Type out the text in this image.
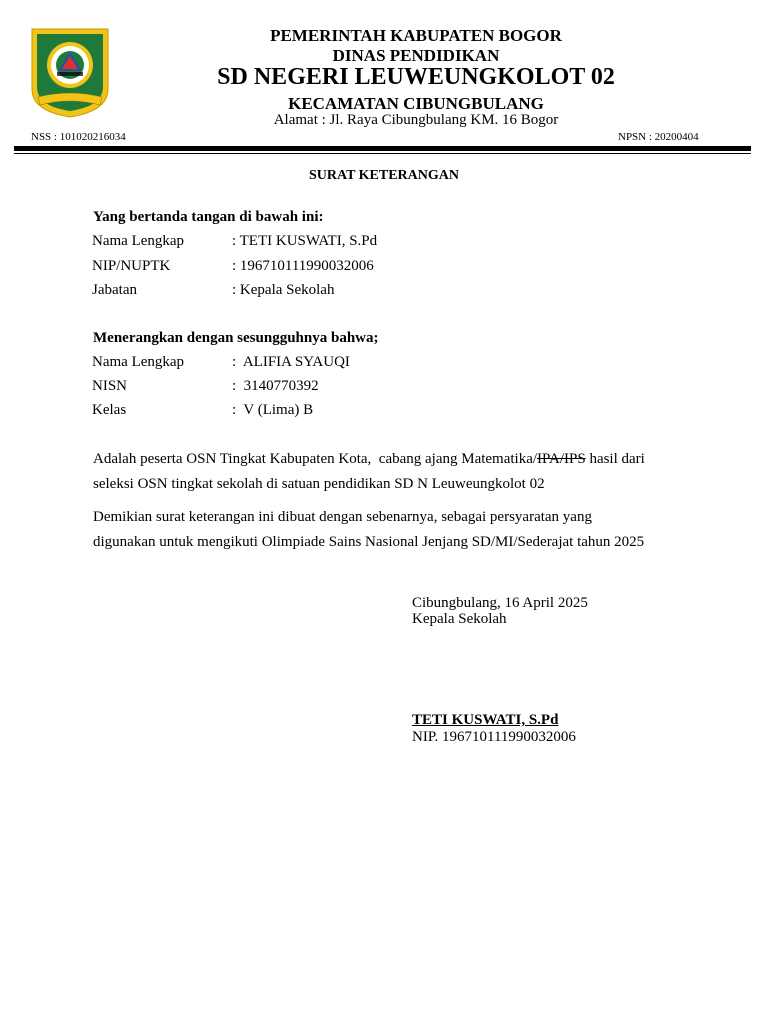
PEMERINTAH KABUPATEN BOGOR
DINAS PENDIDIKAN
SD NEGERI LEUWEUNGKOLOT 02
KECAMATAN CIBUNGBULANG
Alamat : Jl. Raya Cibungbulang KM. 16 Bogor
NSS : 101020216034	NPSN : 20200404
SURAT KETERANGAN
Yang bertanda tangan di bawah ini:
Nama Lengkap	: TETI KUSWATI, S.Pd
NIP/NUPTK	: 196710111990032006
Jabatan	: Kepala Sekolah
Menerangkan dengan sesungguhnya bahwa;
Nama Lengkap	:  ALIFIA SYAUQI
NISN	:  3140770392
Kelas	:  V (Lima) B
Adalah peserta OSN Tingkat Kabupaten Kota,  cabang ajang Matematika/IPA/IPS hasil dari
seleksi OSN tingkat sekolah di satuan pendidikan SD N Leuweungkolot 02
Demikian surat keterangan ini dibuat dengan sebenarnya, sebagai persyaratan yang
digunakan untuk mengikuti Olimpiade Sains Nasional Jenjang SD/MI/Sederajat tahun 2025
Cibungbulang, 16 April 2025
Kepala Sekolah
TETI KUSWATI, S.Pd
NIP. 196710111990032006
